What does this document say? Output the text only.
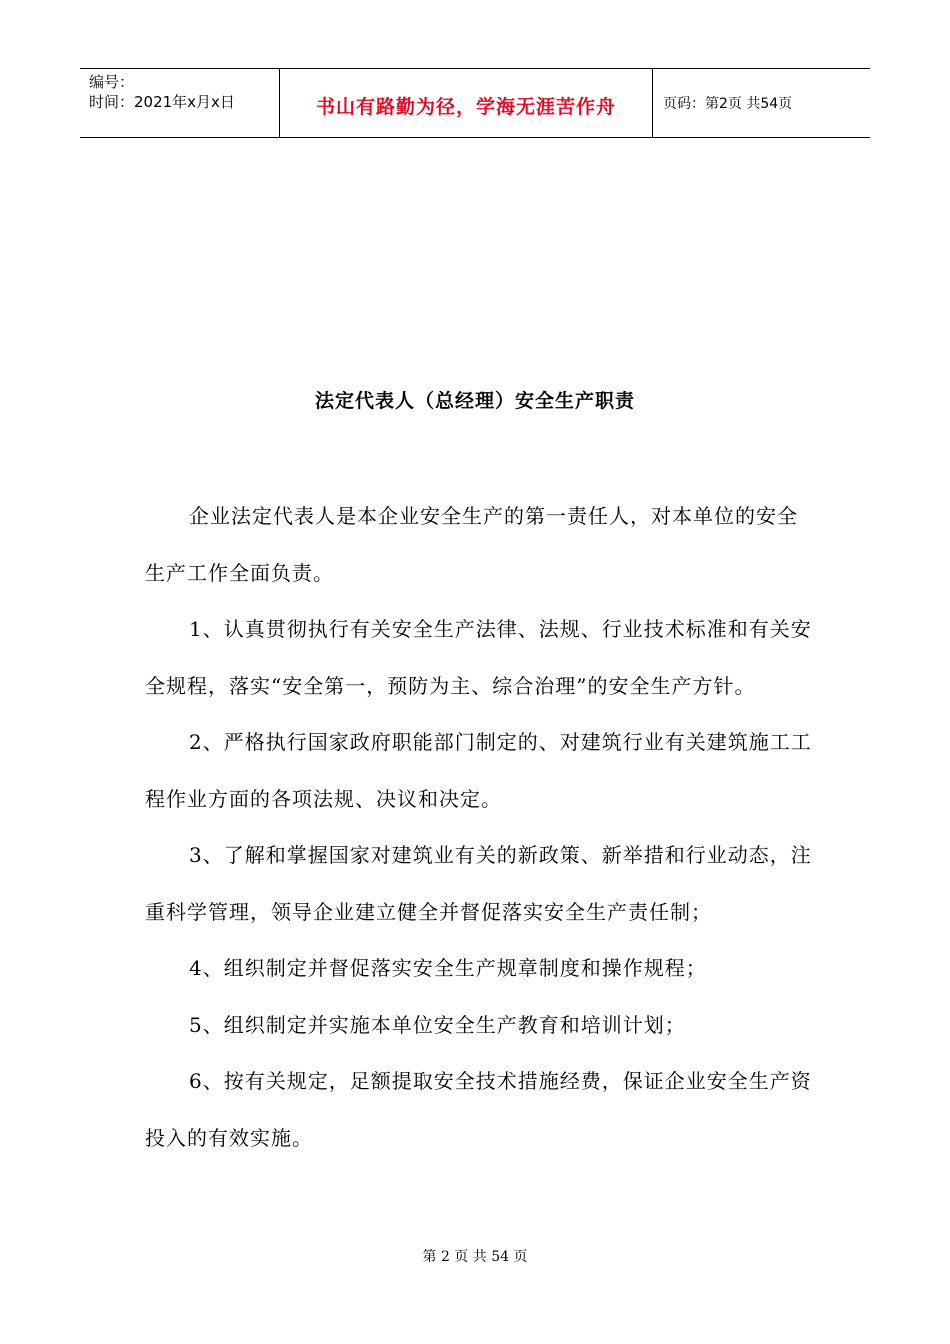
编号：
时间：2021年x月x日	书山有路勤为径，学海无涯苦作舟	页码：第2页 共54页
法定代表人（总经理）安全生产职责

企业法定代表人是本企业安全生产的第一责任人，对本单位的安全生产工作全面负责。

1、认真贯彻执行有关安全生产法律、法规、行业技术标准和有关安全规程，落实“安全第一，预防为主、综合治理”的安全生产方针。

2、严格执行国家政府职能部门制定的、对建筑行业有关建筑施工工程作业方面的各项法规、决议和决定。

3、了解和掌握国家对建筑业有关的新政策、新举措和行业动态，注重科学管理，领导企业建立健全并督促落实安全生产责任制；

4、组织制定并督促落实安全生产规章制度和操作规程；

5、组织制定并实施本单位安全生产教育和培训计划；

6、按有关规定，足额提取安全技术措施经费，保证企业安全生产资投入的有效实施。

第 2 页 共 54 页
